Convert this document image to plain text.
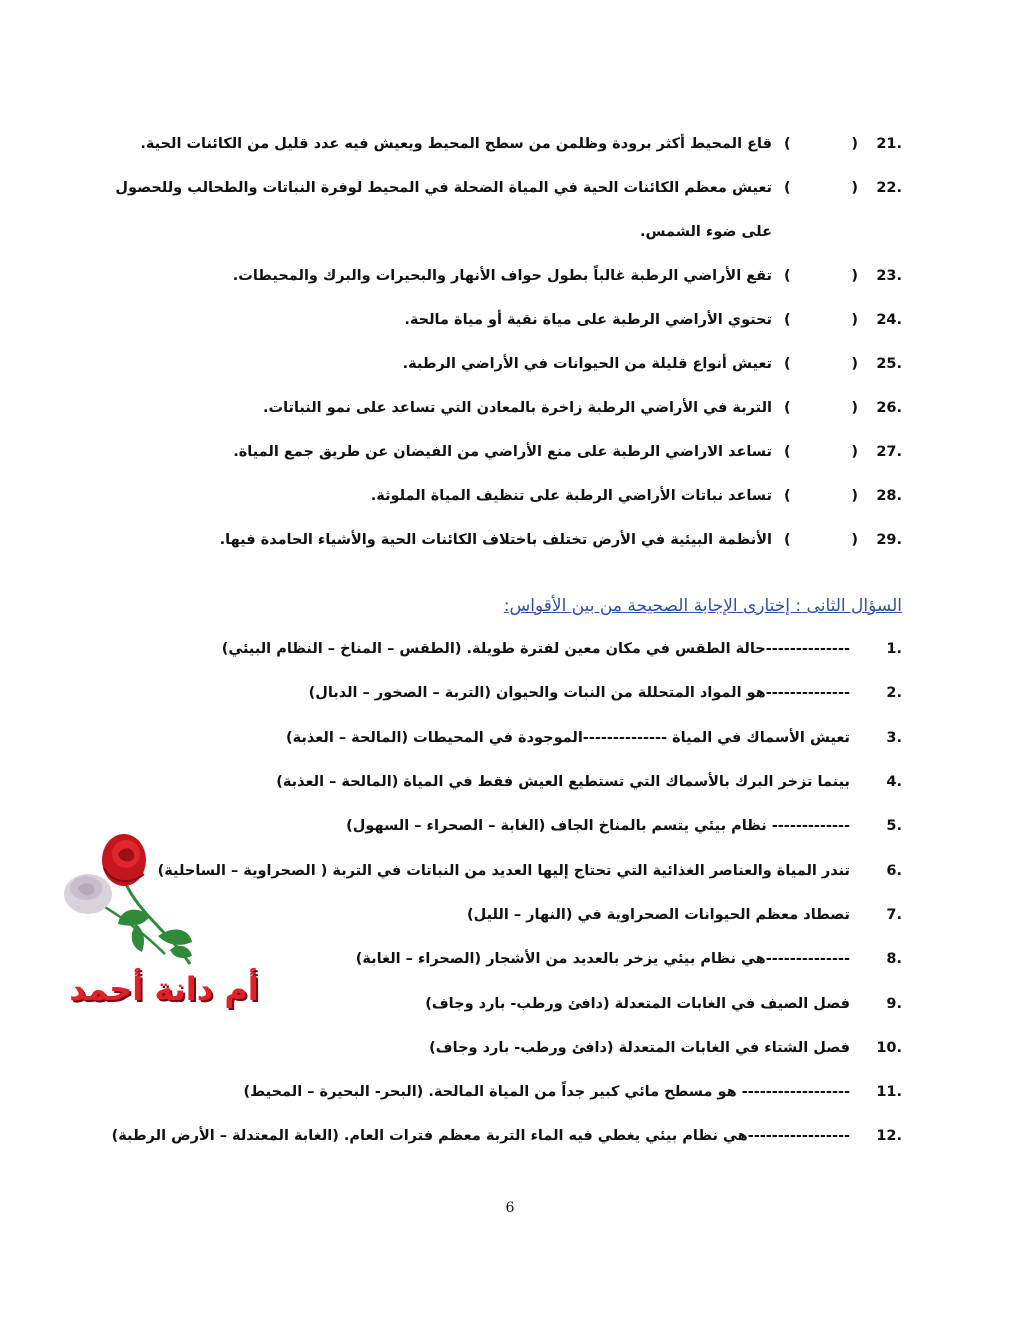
21.
(
)
قاع المحيط أكثر برودة وظلمن من سطح المحيط ويعيش فيه عدد قليل من الكائنات الحية.
22.
(
)
تعيش معظم الكائنات الحية في المياة الضحلة في المحيط لوفرة النباتات والطحالب وللحصول على ضوء الشمس.
23.
(
)
تقع الأراضي الرطبة غالباً بطول حواف الأنهار والبحيرات والبرك والمحيطات.
24.
(
)
تحتوي الأراضي الرطبة على مياة نقية أو مياة مالحة.
25.
(
)
تعيش أنواع قليلة من الحيوانات في الأراضي الرطبة.
26.
(
)
التربة في الأراضي الرطبة زاخرة بالمعادن التي تساعد على نمو النباتات.
27.
(
)
تساعد الاراضي الرطبة على منع الأراضي من الفيضان عن طريق جمع المياة.
28.
(
)
تساعد نباتات الأراضي الرطبة على تنظيف المياة الملوثة.
29.
(
)
الأنظمة البيئية في الأرض تختلف باختلاف الكائنات الحية والأشياء الحامدة فيها.
السؤال الثانى : إختارى الإجابة الصحيحة من بين الأقواس:
1.
--------------حالة الطقس في مكان معين لفترة طويلة. (الطقس – المناخ – النظام البيئي)
2.
--------------هو المواد المتحللة من النبات والحيوان (التربة – الصخور – الدبال)
3.
تعيش الأسماك في المياة --------------الموجودة في المحيطات (المالحة – العذبة)
4.
بينما تزخر البرك بالأسماك التي تستطيع العيش فقط في المياة (المالحة – العذبة)
5.
------------- نظام بيئي يتسم بالمناخ الجاف (الغابة – الصحراء – السهول)
6.
تندر المياة والعناصر الغذائية التي تحتاج إليها العديد من النباتات في التربة ( الصحراوية – الساحلية)
7.
تصطاد معظم الحيوانات الصحراوية في (النهار – الليل)
8.
--------------هي نظام بيئي يزخر بالعديد من الأشجار (الصحراء – الغابة)
9.
فصل الصيف في الغابات المتعدلة (دافئ ورطب- بارد وجاف)
10.
فصل الشتاء في الغابات المتعدلة (دافئ ورطب- بارد وجاف)
11.
------------------ هو مسطح مائي كبير جداً من المياة المالحة. (البحر- البحيرة – المحيط)
12.
-----------------هي نظام بيئي يغطي فيه الماء التربة معظم فترات العام. (الغابة المعتدلة – الأرض الرطبة)
أم دانة أحمد
6
